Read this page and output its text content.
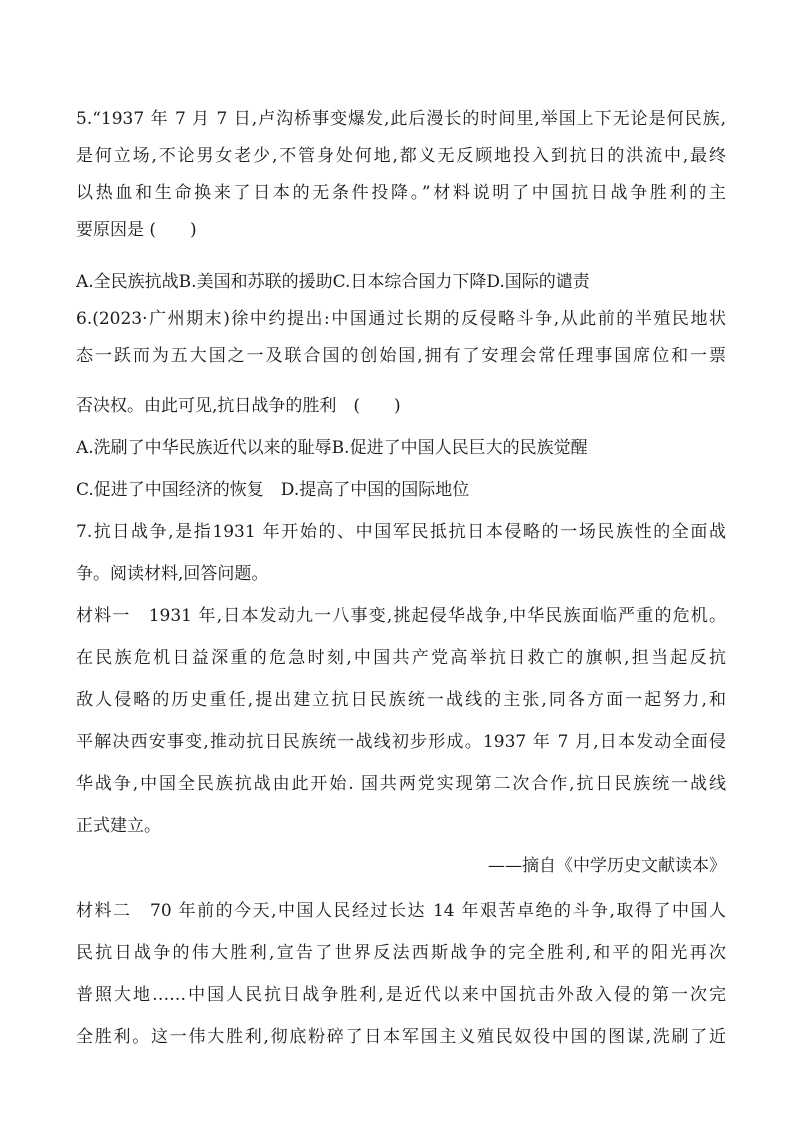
5.“1937 年 7 月 7 日,卢沟桥事变爆发,此后漫长的时间里,举国上下无论是何民族,
是何立场,不论男女老少,不管身处何地,都义无反顾地投入到抗日的洪流中,最终
以热血和生命换来了日本的无条件投降。”材料说明了中国抗日战争胜利的主
要原因是 (　　)
A.全民族抗战B.美国和苏联的援助C.日本综合国力下降D.国际的谴责
6.(2023·广州期末)徐中约提出:中国通过长期的反侵略斗争,从此前的半殖民地状
态一跃而为五大国之一及联合国的创始国,拥有了安理会常任理事国席位和一票
否决权。由此可见,抗日战争的胜利　(　　)
A.洗刷了中华民族近代以来的耻辱B.促进了中国人民巨大的民族觉醒
C.促进了中国经济的恢复　D.提高了中国的国际地位
7.抗日战争,是指1931 年开始的、中国军民抵抗日本侵略的一场民族性的全面战
争。阅读材料,回答问题。
材料一　1931 年,日本发动九一八事变,挑起侵华战争,中华民族面临严重的危机。
在民族危机日益深重的危急时刻,中国共产党高举抗日救亡的旗帜,担当起反抗
敌人侵略的历史重任,提出建立抗日民族统一战线的主张,同各方面一起努力,和
平解决西安事变,推动抗日民族统一战线初步形成。1937 年 7 月,日本发动全面侵
华战争,中国全民族抗战由此开始. 国共两党实现第二次合作,抗日民族统一战线
正式建立。
——摘自《中学历史文献读本》
材料二　70 年前的今天,中国人民经过长达 14 年艰苦卓绝的斗争,取得了中国人
民抗日战争的伟大胜利,宣告了世界反法西斯战争的完全胜利,和平的阳光再次
普照大地……中国人民抗日战争胜利,是近代以来中国抗击外敌入侵的第一次完
全胜利。这一伟大胜利,彻底粉碎了日本军国主义殖民奴役中国的图谋,洗刷了近
